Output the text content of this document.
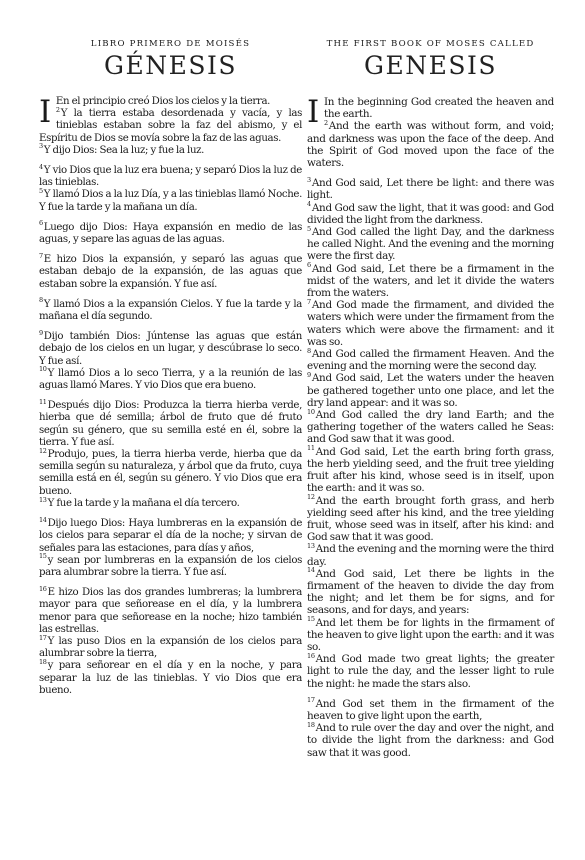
LIBRO PRIMERO DE MOISÉS

GÉNESIS

I En el principio creó Dios los cielos y la tierra.

$^2$Y la tierra estaba desordenada y vacía, y las tinieblas estaban sobre la faz del abismo, y el Espíritu de Dios se movía sobre la faz de las aguas.

$^3$Y dijo Dios: Sea la luz; y fue la luz.

$^4$Y vio Dios que la luz era buena; y separó Dios la luz de las tinieblas.

$^5$Y llamó Dios a la luz Día, y a las tinieblas llamó Noche. Y fue la tarde y la mañana un día.

$^6$Luego dijo Dios: Haya expansión en medio de las aguas, y separe las aguas de las aguas.

$^7$E hizo Dios la expansión, y separó las aguas que estaban debajo de la expansión, de las aguas que estaban sobre la expansión. Y fue así.

$^8$Y llamó Dios a la expansión Cielos. Y fue la tarde y la mañana el día segundo.

$^9$Dijo también Dios: Júntense las aguas que están debajo de los cielos en un lugar, y descúbrase lo seco. Y fue así.

$^{10}$Y llamó Dios a lo seco Tierra, y a la reunión de las aguas llamó Mares. Y vio Dios que era bueno.

$^{11}$Después dijo Dios: Produzca la tierra hierba verde, hierba que dé semilla; árbol de fruto que dé fruto según su género, que su semilla esté en él, sobre la tierra. Y fue así.

$^{12}$Produjo, pues, la tierra hierba verde, hierba que da semilla según su naturaleza, y árbol que da fruto, cuya semilla está en él, según su género. Y vio Dios que era bueno.

$^{13}$Y fue la tarde y la mañana el día tercero.

$^{14}$Dijo luego Dios: Haya lumbreras en la expansión de los cielos para separar el día de la noche; y sirvan de señales para las estaciones, para días y años,

$^{15}$y sean por lumbreras en la expansión de los cielos para alumbrar sobre la tierra. Y fue así.

$^{16}$E hizo Dios las dos grandes lumbreras; la lumbrera mayor para que señorease en el día, y la lumbrera menor para que señorease en la noche; hizo también las estrellas.

$^{17}$Y las puso Dios en la expansión de los cielos para alumbrar sobre la tierra,

$^{18}$y para señorear en el día y en la noche, y para separar la luz de las tinieblas. Y vio Dios que era bueno.

THE FIRST BOOK OF MOSES CALLED

GENESIS

I In the beginning God created the heaven and the earth.

$^2$And the earth was without form, and void; and darkness was upon the face of the deep. And the Spirit of God moved upon the face of the waters.

$^3$And God said, Let there be light: and there was light.

$^4$And God saw the light, that it was good: and God divided the light from the darkness.

$^5$And God called the light Day, and the darkness he called Night. And the evening and the morning were the first day.

$^6$And God said, Let there be a firmament in the midst of the waters, and let it divide the waters from the waters.

$^7$And God made the firmament, and divided the waters which were under the firmament from the waters which were above the firmament: and it was so.

$^8$And God called the firmament Heaven. And the evening and the morning were the second day.

$^9$And God said, Let the waters under the heaven be gathered together unto one place, and let the dry land appear: and it was so.

$^{10}$And God called the dry land Earth; and the gathering together of the waters called he Seas: and God saw that it was good.

$^{11}$And God said, Let the earth bring forth grass, the herb yielding seed, and the fruit tree yielding fruit after his kind, whose seed is in itself, upon the earth: and it was so.

$^{12}$And the earth brought forth grass, and herb yielding seed after his kind, and the tree yielding fruit, whose seed was in itself, after his kind: and God saw that it was good.

$^{13}$And the evening and the morning were the third day.

$^{14}$And God said, Let there be lights in the firmament of the heaven to divide the day from the night; and let them be for signs, and for seasons, and for days, and years:

$^{15}$And let them be for lights in the firmament of the heaven to give light upon the earth: and it was so.

$^{16}$And God made two great lights; the greater light to rule the day, and the lesser light to rule the night: he made the stars also.

$^{17}$And God set them in the firmament of the heaven to give light upon the earth,

$^{18}$And to rule over the day and over the night, and to divide the light from the darkness: and God saw that it was good.
